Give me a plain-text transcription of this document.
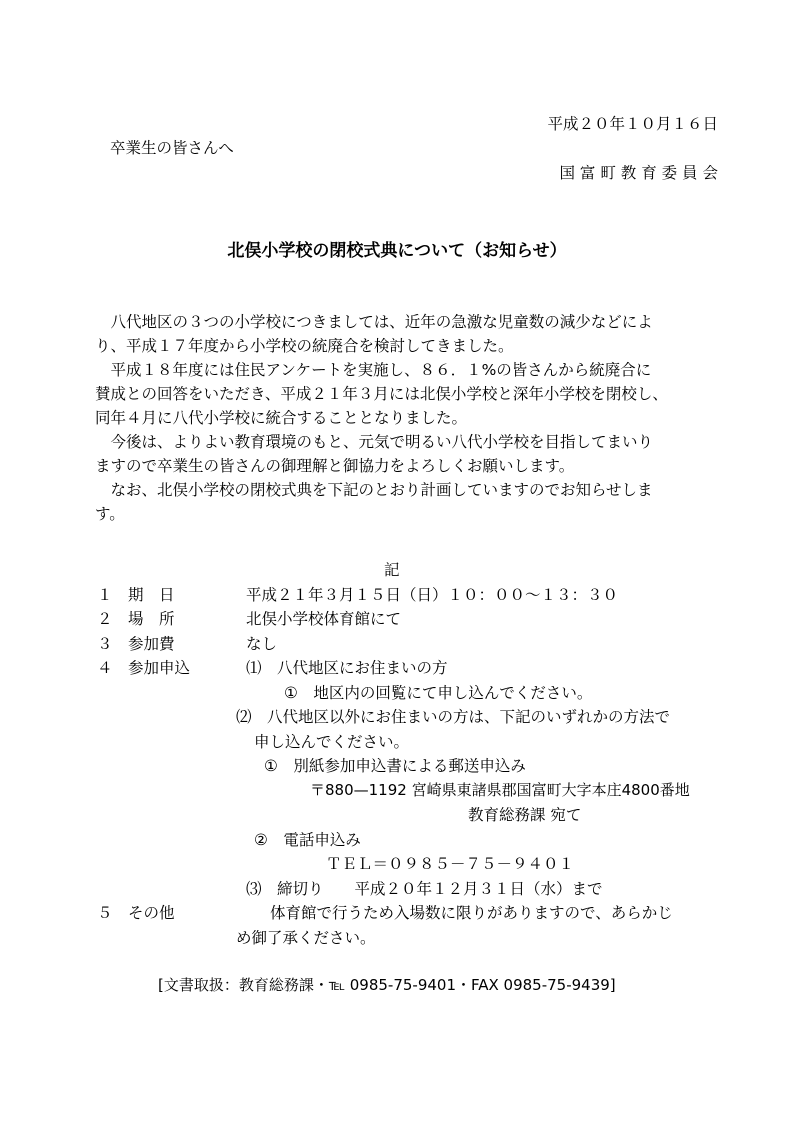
平成２０年１０月１６日
卒業生の皆さんへ
国 富 町 教 育 委 員 会
北俣小学校の閉校式典について（お知らせ）
　八代地区の３つの小学校につきましては、近年の急激な児童数の減少などによ
り、平成１７年度から小学校の統廃合を検討してきました。
　平成１８年度には住民アンケートを実施し、８６．１%の皆さんから統廃合に
賛成との回答をいただき、平成２１年３月には北俣小学校と深年小学校を閉校し、
同年４月に八代小学校に統合することとなりました。
　今後は、よりよい教育環境のもと、元気で明るい八代小学校を目指してまいり
ますので卒業生の皆さんの御理解と御協力をよろしくお願いします。
　なお、北俣小学校の閉校式典を下記のとおり計画していますのでお知らせしま
す。
記
１ 期　日	平成２１年３月１５日（日）１０：００〜１３：３０
２ 場　所	北俣小学校体育館にて
３ 参加費	なし
４ 参加申込	⑴　八代地区にお住まいの方
①　地区内の回覧にて申し込んでください。
⑵　八代地区以外にお住まいの方は、下記のいずれかの方法で
申し込んでください。
①　別紙参加申込書による郵送申込み
〒880—1192 宮崎県東諸県郡国富町大字本庄4800番地
教育総務課 宛て
②　電話申込み
ＴＥＬ＝０９８５－７５－９４０１
⑶　締切り　　平成２０年１２月３１日（水）まで
５ その他	体育館で行うため入場数に限りがありますので、あらかじ
め御了承ください。
[文書取扱：教育総務課・℡ 0985-75-9401・FAX 0985-75-9439]
